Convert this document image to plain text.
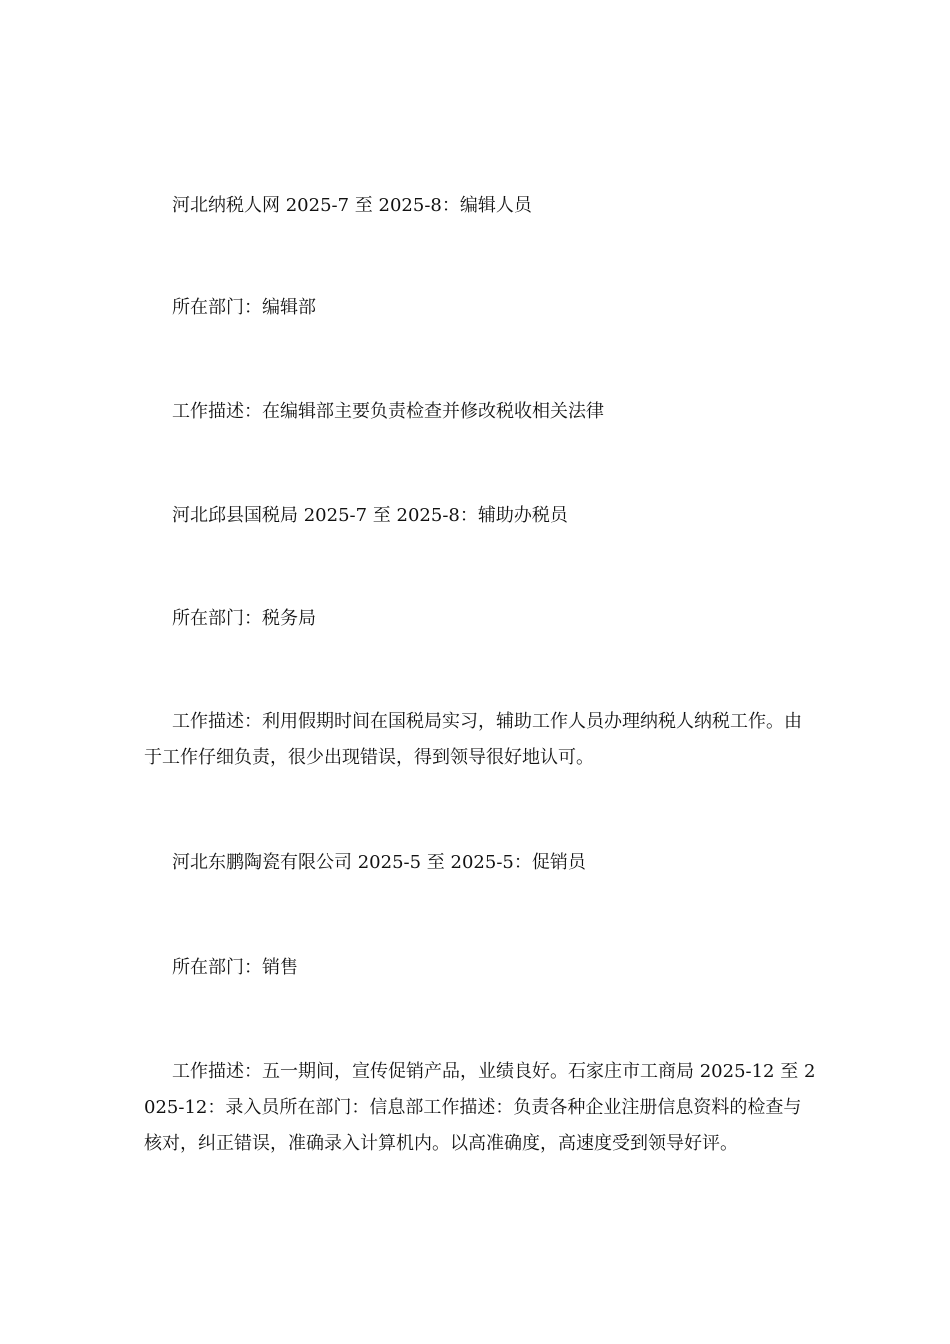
河北纳税人网 2025-7 至 2025-8：编辑人员

所在部门：编辑部

工作描述：在编辑部主要负责检查并修改税收相关法律

河北邱县国税局 2025-7 至 2025-8：辅助办税员

所在部门：税务局

工作描述：利用假期时间在国税局实习，辅助工作人员办理纳税人纳税工作。由于工作仔细负责，很少出现错误，得到领导很好地认可。

河北东鹏陶瓷有限公司 2025-5 至 2025-5：促销员

所在部门：销售

工作描述：五一期间，宣传促销产品，业绩良好。石家庄市工商局 2025-12 至 2025-12：录入员所在部门：信息部工作描述：负责各种企业注册信息资料的检查与核对，纠正错误，准确录入计算机内。以高准确度，高速度受到领导好评。
